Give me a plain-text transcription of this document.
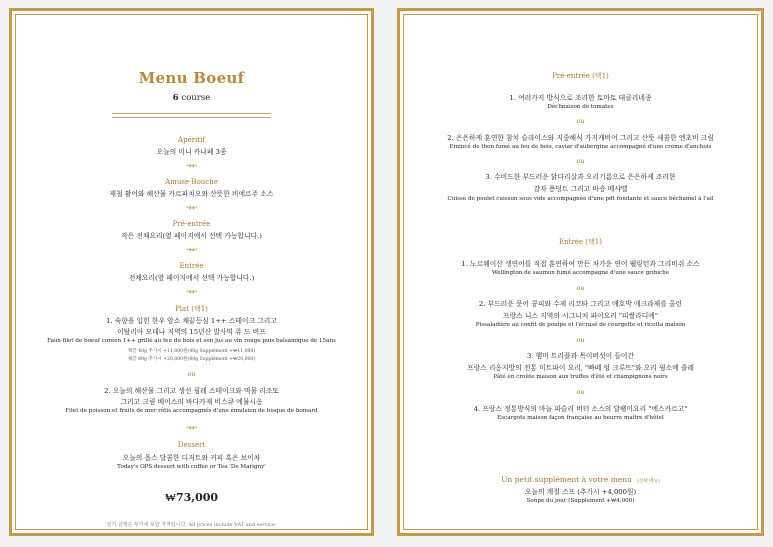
Menu Boeuf
6 course
Apéritif
오늘의 미니 카나페 3종
•◈◈•
Amuse-Bouche
재철 활어와 해산물 카르파치오와 산뜻한 비에르주 소스
•◈◈•
Pré-entrée
작은 전채요리(옆 페이지에서 선택 가능합니다.)
•◈◈•
Entrée
전채요리(옆 페이지에서 선택 가능합니다.)
•◈◈•
Plat (택1)
1. 숙향을 입힌 한우 암소 채끝등심 1++ 스테이크 그리고
이탈리아 모데나 지역의 15년산 발사믹 쥬 드 버프
Faux-filet de boeuf coréen 1++ grillé au feu du bois et son jus au vin rouge puis balsamique de 15ans
채끝 40g 추가시 +11,000원(40g Supplément +₩11,000)
채끝 80g 추가시 +20,000원(80g Supplément +₩20,000)
ou
2. 오늘의 해산물 그리고 생선 필레 스테이크와 먹물 리조또
그리고 크림 베이스의 바다가재 비스큐 에뮬시옹
Filet de poisson et fruits de mer rôtis accompagnés d'une émulsion de bisque de homard
•◈◈•
Dessert
오늘의 옵스 달콤한 디저트와 커피 혹은 보이차
Today's OPS dessert with coffee or Tea 'De Marigny'
₩73,000
상기 금액은 부가세 포함 가격입니다. All prices include VAT and service.
Pré-entrée (택1)
1. 여러가지 방식으로 조리한 토마토 테클리네종
Déclinaison de tomates
ou
2. 은은하게 훈연한 참치 슬라이스와 지중해식 가지캐비어 그리고 산뜻 새콤한 엔초비 크림
Emincé de thon fumé au feu de bois, caviar d'aubergine accompagné d'une crème d'anchois
ou
3. 수비드한 부드러운 닭다리살과 오리기름으로 은은하게 조리한
감자 퐁덩트 그리고 바숑 베샤멜
Cuisse de poulet cuisson sous vide accompagnée d'une pdt fondante et sauce béchamel à l'ail
Entrée (택1)
1. 노르웨이산 생연어를 직접 훈연하여 만든 차가운 연어 웰링턴과 그리비쉬 소스
Wellington de saumon fumé accompagné d'une sauce gribiche
ou
2. 부드러운 문어 콩피와 수제 리코타 그리고 애호박 에크라제를 올린
프랑스 니스 지역의 시그니처 파이요리 "피쌀라디에"
Pissaladière au confit de poulpe et l'écrasé de courgette et ricotta maison
ou
3. 햄머 트러플과 목이버섯이 들어간
프랑스 리옹지방의 전통 미트파이 요리, "빠떼 엉 크루뜨"와 오리 꿩소메 즐레
Pâté en croûte maison aux truffes d'été et champignons noirs
ou
4. 프랑스 정통방식의 마늘 파슬리 버터 소스의 달팽이요리 "에스카르고"
Escargots maison façon française au beurre maître d'hôtel
Un petit supplément à votre menu (선택 메뉴)
오늘의 계절 스프 (추가시 +4,000원)
Soupe du jour (Supplement +₩4,000)
